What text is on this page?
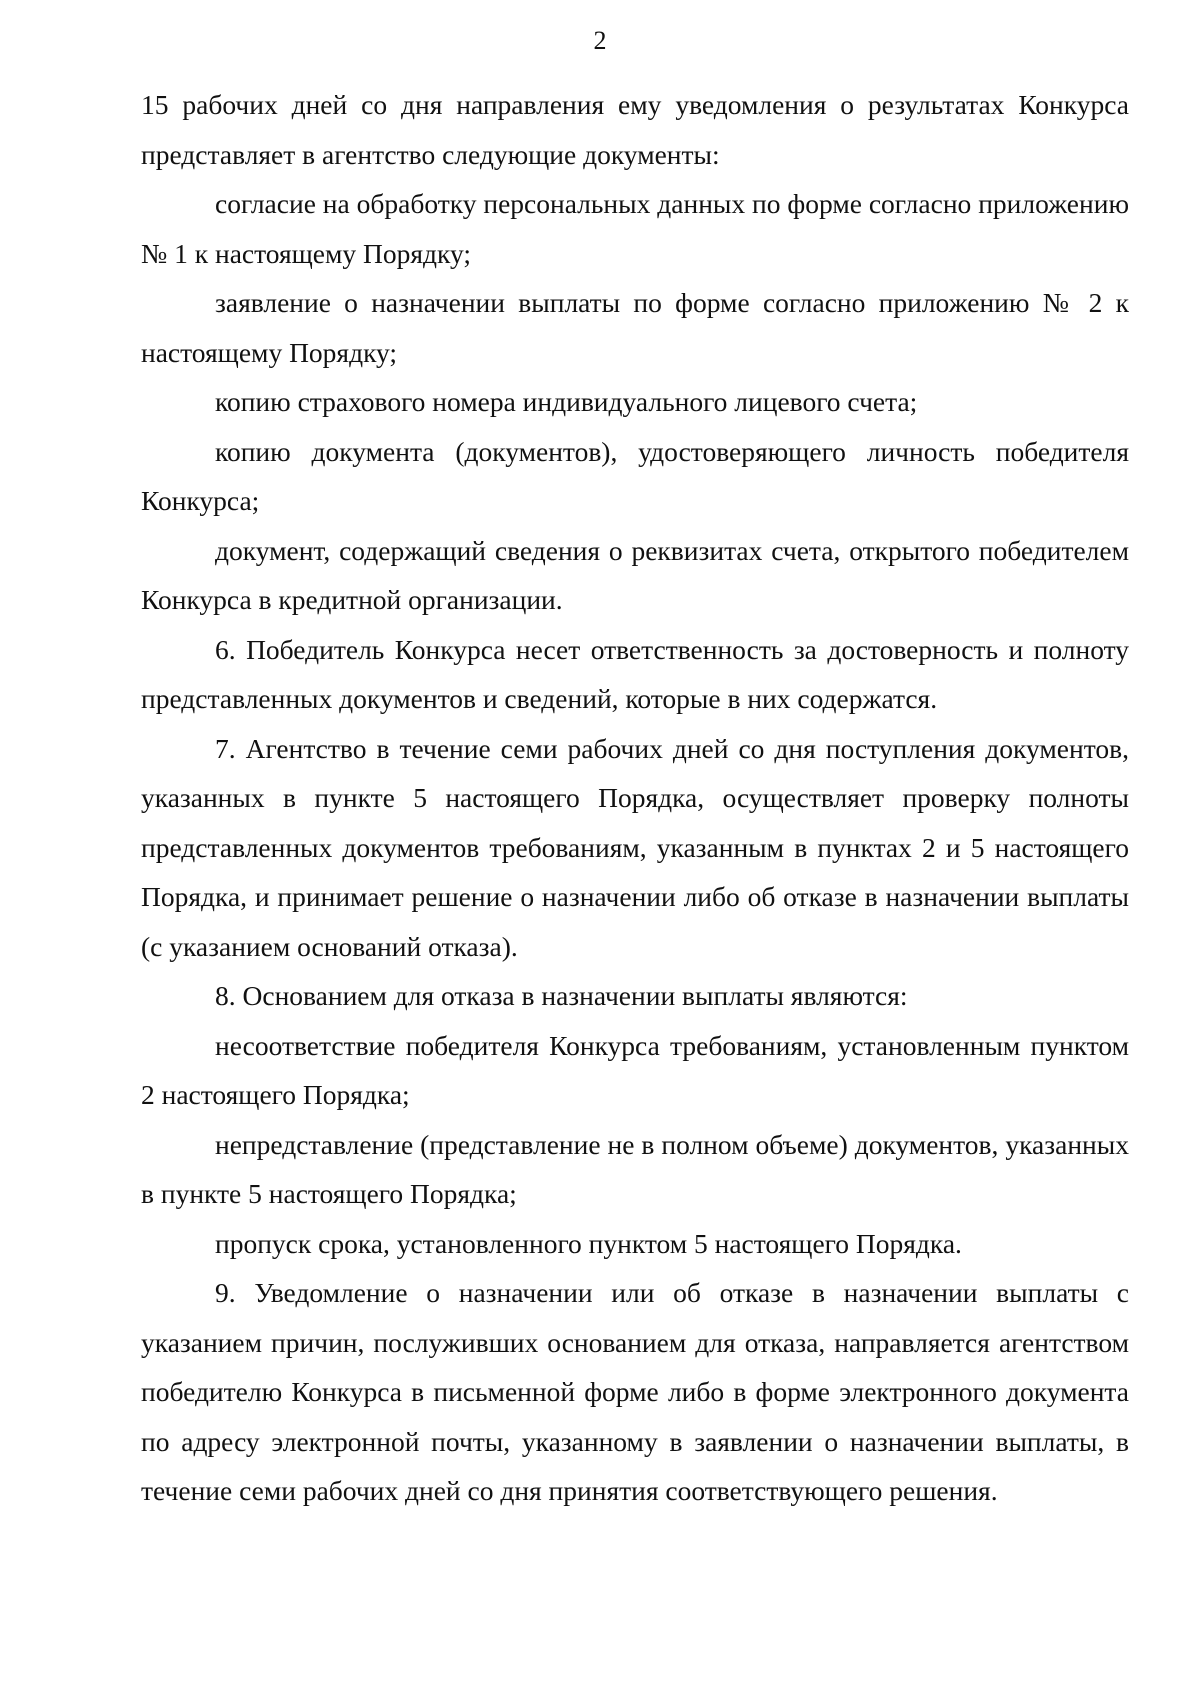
2

15 рабочих дней со дня направления ему уведомления о результатах Конкурса представляет в агентство следующие документы:

согласие на обработку персональных данных по форме согласно приложению № 1 к настоящему Порядку;

заявление о назначении выплаты по форме согласно приложению № 2 к настоящему Порядку;

копию страхового номера индивидуального лицевого счета;

копию документа (документов), удостоверяющего личность победителя Конкурса;

документ, содержащий сведения о реквизитах счета, открытого победителем Конкурса в кредитной организации.

6. Победитель Конкурса несет ответственность за достоверность и полноту представленных документов и сведений, которые в них содержатся.

7. Агентство в течение семи рабочих дней со дня поступления документов, указанных в пункте 5 настоящего Порядка, осуществляет проверку полноты представленных документов требованиям, указанным в пунктах 2 и 5 настоящего Порядка, и принимает решение о назначении либо об отказе в назначении выплаты (с указанием оснований отказа).

8. Основанием для отказа в назначении выплаты являются:

несоответствие победителя Конкурса требованиям, установленным пунктом 2 настоящего Порядка;

непредставление (представление не в полном объеме) документов, указанных в пункте 5 настоящего Порядка;

пропуск срока, установленного пунктом 5 настоящего Порядка.

9. Уведомление о назначении или об отказе в назначении выплаты с указанием причин, послуживших основанием для отказа, направляется агентством победителю Конкурса в письменной форме либо в форме электронного документа по адресу электронной почты, указанному в заявлении о назначении выплаты, в течение семи рабочих дней со дня принятия соответствующего решения.
